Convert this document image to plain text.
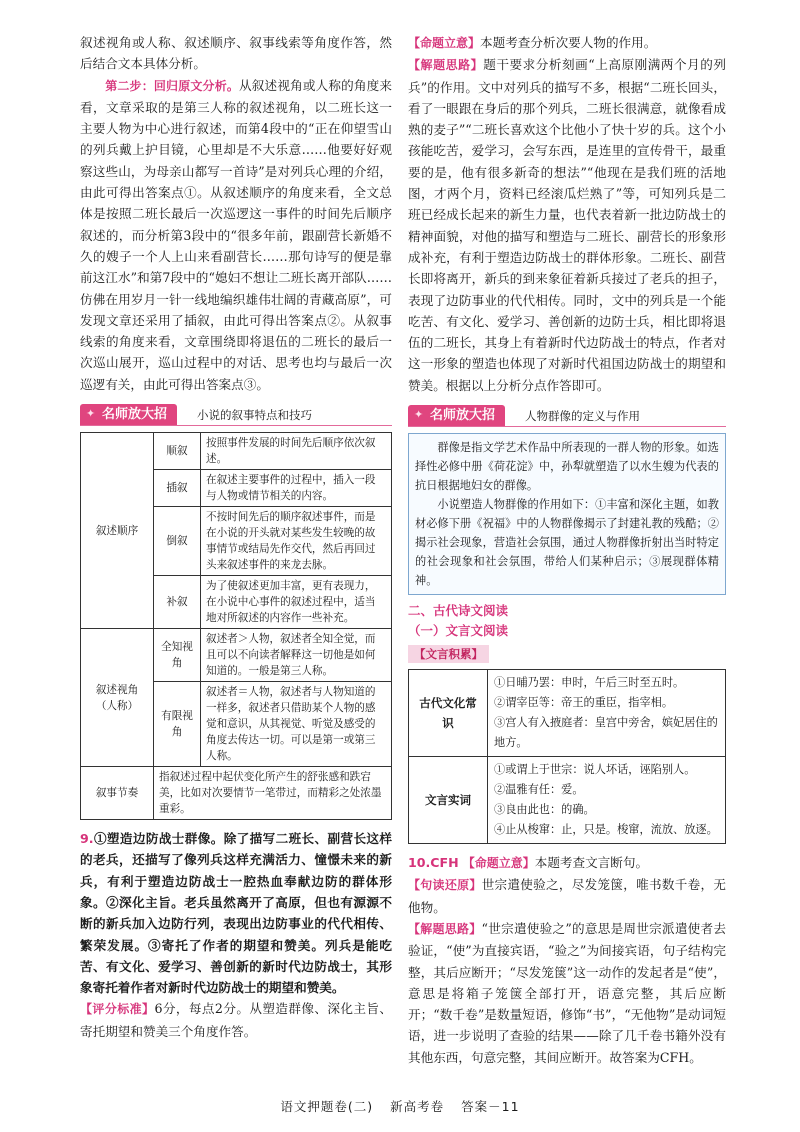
叙述视角或人称、叙述顺序、叙事线索等角度作答，然后结合文本具体分析。

第二步：回归原文分析。从叙述视角或人称的角度来看，文章采取的是第三人称的叙述视角，以二班长这一主要人物为中心进行叙述，而第4段中的“正在仰望雪山的列兵戴上护目镜，心里却是不大乐意……他要好好观察这些山，为母亲山都写一首诗”是对列兵心理的介绍，由此可得出答案点①。从叙述顺序的角度来看，全文总体是按照二班长最后一次巡逻这一事件的时间先后顺序叙述的，而分析第3段中的“很多年前，跟副营长新婚不久的嫂子一个人上山来看副营长……那句诗写的便是靠前这江水”和第7段中的“媳妇不想让二班长离开部队……仿佛在用岁月一针一线地编织雄伟壮阔的青藏高原”，可发现文章还采用了插叙，由此可得出答案点②。从叙事线索的角度来看，文章围绕即将退伍的二班长的最后一次巡山展开，巡山过程中的对话、思考也均与最后一次巡逻有关，由此可得出答案点③。

✦ 名师放大招	小说的叙事特点和技巧
叙述顺序	顺叙	按照事件发展的时间先后顺序依次叙述。
	插叙	在叙述主要事件的过程中，插入一段与人物或情节相关的内容。
	倒叙	不按时间先后的顺序叙述事件，而是在小说的开头就对某些发生较晚的故事情节或结局先作交代，然后再回过头来叙述事件的来龙去脉。
	补叙	为了使叙述更加丰富，更有表现力，在小说中心事件的叙述过程中，适当地对所叙述的内容作一些补充。
叙述视角（人称）	全知视角	叙述者＞人物，叙述者全知全觉，而且可以不向读者解释这一切他是如何知道的。一般是第三人称。
	有限视角	叙述者＝人物，叙述者与人物知道的一样多，叙述者只借助某个人物的感觉和意识，从其视觉、听觉及感受的角度去传达一切。可以是第一或第三人称。
叙事节奏	指叙述过程中起伏变化所产生的舒张感和跌宕美，比如对次要情节一笔带过，而精彩之处浓墨重彩。	

9.①塑造边防战士群像。除了描写二班长、副营长这样的老兵，还描写了像列兵这样充满活力、憧憬未来的新兵，有利于塑造边防战士一腔热血奉献边防的群体形象。②深化主旨。老兵虽然离开了高原，但也有源源不断的新兵加入边防行列，表现出边防事业的代代相传、繁荣发展。③寄托了作者的期望和赞美。列兵是能吃苦、有文化、爱学习、善创新的新时代边防战士，其形象寄托着作者对新时代边防战士的期望和赞美。

【评分标准】6分，每点2分。从塑造群像、深化主旨、寄托期望和赞美三个角度作答。

【命题立意】本题考查分析次要人物的作用。

【解题思路】题干要求分析刻画“上高原刚满两个月的列兵”的作用。文中对列兵的描写不多，根据“二班长回头，看了一眼跟在身后的那个列兵，二班长很满意，就像看成熟的麦子”“二班长喜欢这个比他小了快十岁的兵。这个小孩能吃苦，爱学习，会写东西，是连里的宣传骨干，最重要的是，他有很多新奇的想法”“他现在是我们班的活地图，才两个月，资料已经滚瓜烂熟了”等，可知列兵是二班已经成长起来的新生力量，也代表着新一批边防战士的精神面貌，对他的描写和塑造与二班长、副营长的形象形成补充，有利于塑造边防战士的群体形象。二班长、副营长即将离开，新兵的到来象征着新兵接过了老兵的担子，表现了边防事业的代代相传。同时，文中的列兵是一个能吃苦、有文化、爱学习、善创新的边防士兵，相比即将退伍的二班长，其身上有着新时代边防战士的特点，作者对这一形象的塑造也体现了对新时代祖国边防战士的期望和赞美。根据以上分析分点作答即可。

✦ 名师放大招	人物群像的定义与作用

群像是指文学艺术作品中所表现的一群人物的形象。如选择性必修中册《荷花淀》中，孙犁就塑造了以水生嫂为代表的抗日根据地妇女的群像。

小说塑造人物群像的作用如下：①丰富和深化主题，如教材必修下册《祝福》中的人物群像揭示了封建礼教的残酷；②揭示社会现象，营造社会氛围，通过人物群像折射出当时特定的社会现象和社会氛围，带给人们某种启示；③展现群体精神。

二、古代诗文阅读
（一）文言文阅读
【文言积累】
古代文化常识	①日晡乃罢：申时，午后三时至五时。
②谓宰臣等：帝王的重臣，指宰相。
③宫人有入掖庭者：皇宫中旁舍，嫔妃居住的地方。

文言实词	①或谓上于世宗：说人坏话，诬陷别人。
②温雅有任：爱。
③良由此也：的确。
④止从梭窜：止，只是。梭窜，流放、放逐。

10.CFH 【命题立意】本题考查文言断句。

【句读还原】世宗遣使验之，尽发笼箧，唯书数千卷，无他物。

【解题思路】“世宗遣使验之”的意思是周世宗派遣使者去验证，“使”为直接宾语，“验之”为间接宾语，句子结构完整，其后应断开；“尽发笼箧”这一动作的发起者是“使”，意思是将箱子笼箧全部打开，语意完整，其后应断开；“数千卷”是数量短语，修饰“书”，“无他物”是动词短语，进一步说明了查验的结果——除了几千卷书籍外没有其他东西，句意完整，其间应断开。故答案为CFH。

语文押题卷(二) 新高考卷 答案－11
